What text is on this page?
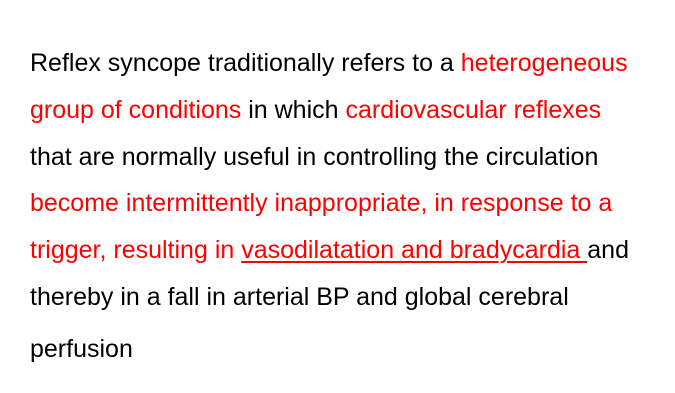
Reflex syncope traditionally refers to a heterogeneous
group of conditions in which cardiovascular reflexes
that are normally useful in controlling the circulation
become intermittently inappropriate, in response to a
trigger, resulting in vasodilatation and bradycardia and
thereby in a fall in arterial BP and global cerebral
perfusion
